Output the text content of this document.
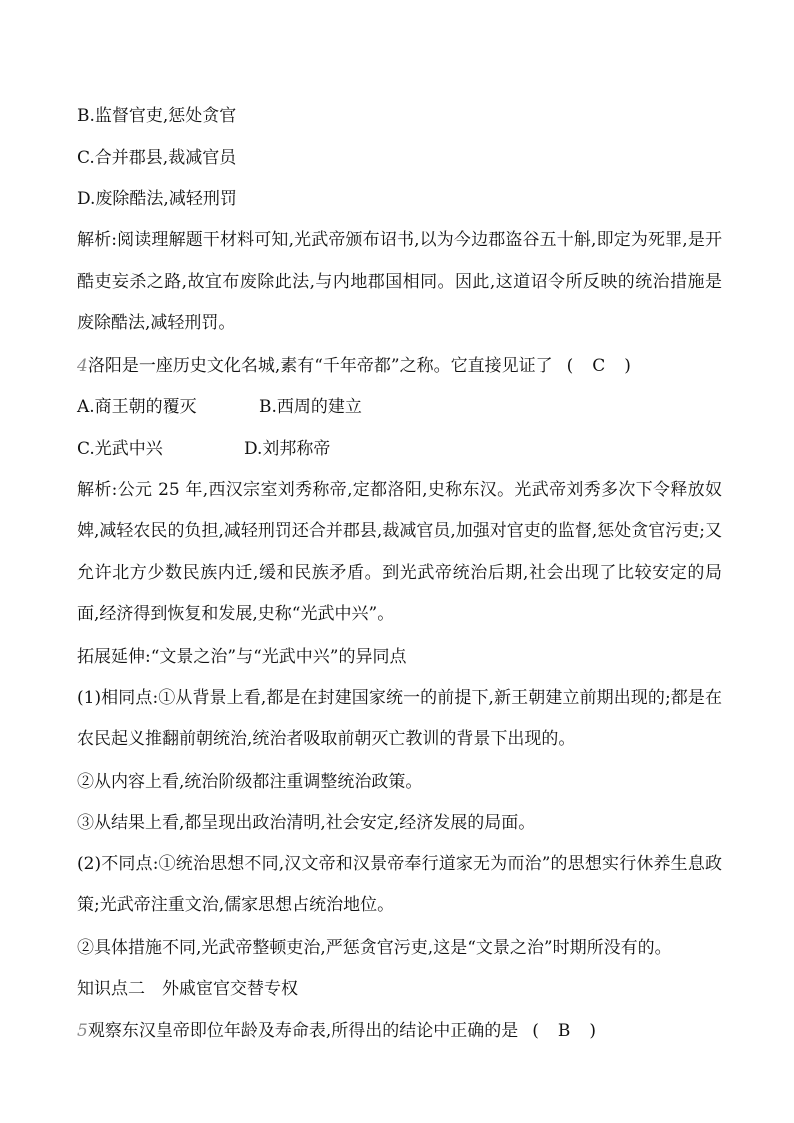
B.监督官吏,惩处贪官
C.合并郡县,裁减官员
D.废除酷法,减轻刑罚
解析:阅读理解题干材料可知,光武帝颁布诏书,以为今边郡盗谷五十斛,即定为死罪,是开酷吏妄杀之路,故宜布废除此法,与内地郡国相同。因此,这道诏令所反映的统治措施是废除酷法,减轻刑罚。
4洛阳是一座历史文化名城,素有“千年帝都”之称。它直接见证了 (　C　)
A.商王朝的覆灭	B.西周的建立
C.光武中兴	D.刘邦称帝
解析:公元 25 年,西汉宗室刘秀称帝,定都洛阳,史称东汉。光武帝刘秀多次下令释放奴婢,减轻农民的负担,减轻刑罚还合并郡县,裁减官员,加强对官吏的监督,惩处贪官污吏;又允许北方少数民族内迁,缓和民族矛盾。到光武帝统治后期,社会出现了比较安定的局面,经济得到恢复和发展,史称“光武中兴”。
拓展延伸:“文景之治”与“光武中兴”的异同点
(1)相同点:①从背景上看,都是在封建国家统一的前提下,新王朝建立前期出现的;都是在农民起义推翻前朝统治,统治者吸取前朝灭亡教训的背景下出现的。
②从内容上看,统治阶级都注重调整统治政策。
③从结果上看,都呈现出政治清明,社会安定,经济发展的局面。
(2)不同点:①统治思想不同,汉文帝和汉景帝奉行道家无为而治”的思想实行休养生息政策;光武帝注重文治,儒家思想占统治地位。
②具体措施不同,光武帝整顿吏治,严惩贪官污吏,这是“文景之治”时期所没有的。
知识点二　外戚宦官交替专权
5观察东汉皇帝即位年龄及寿命表,所得出的结论中正确的是 (　B　)
